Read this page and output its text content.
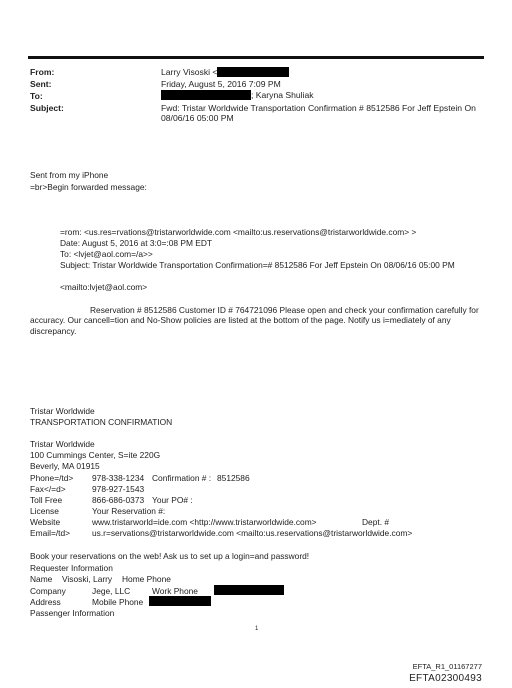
From:	Larry Visoski <
Sent:	Friday, August 5, 2016 7:09 PM
To:	; Karyna Shuliak
Subject:	Fwd: Tristar Worldwide Transportation Confirmation # 8512586 For Jeff Epstein On 08/06/16 05:00 PM
Sent from my iPhone
=br>Begin forwarded message:
=rom: <us.res=rvations@tristarworldwide.com <mailto:us.reservations@tristarworldwide.com> >
Date: August 5, 2016 at 3:0=:08 PM EDT
To: <lvjet@aol.com=/a>>
Subject: Tristar Worldwide Transportation Confirmation=# 8512586 For Jeff Epstein On 08/06/16 05:00 PM
<mailto:lvjet@aol.com>
Reservation # 8512586 Customer ID # 764721096 Please open and check your confirmation carefully for accuracy. Our cancell=tion and No-Show policies are listed at the bottom of the page. Notify us i=mediately of any discrepancy.
Tristar Worldwide
TRANSPORTATION CONFIRMATION
Tristar Worldwide
100 Cummings Center, S=ite 220G
Beverly, MA 01915
Phone=/td> 978-338-1234 Confirmation # : 8512586
Fax</=d>	978-927-1543
Toll Free	866-686-0373 Your PO# :
License	Your Reservation #:
Website	www.tristarworld=ide.com <http://www.tristarworldwide.com>	Dept. #
Email=/td>	us.r=servations@tristarworldwide.com <mailto:us.reservations@tristarworldwide.com>
Book your reservations on the web! Ask us to set up a login=and password!
Requester Information
Name Visoski, Larry Home Phone
Company	Jege, LLC	Work Phone
Address	Mobile Phone
Passenger Information
1
EFTA_R1_01167277
EFTA02300493
